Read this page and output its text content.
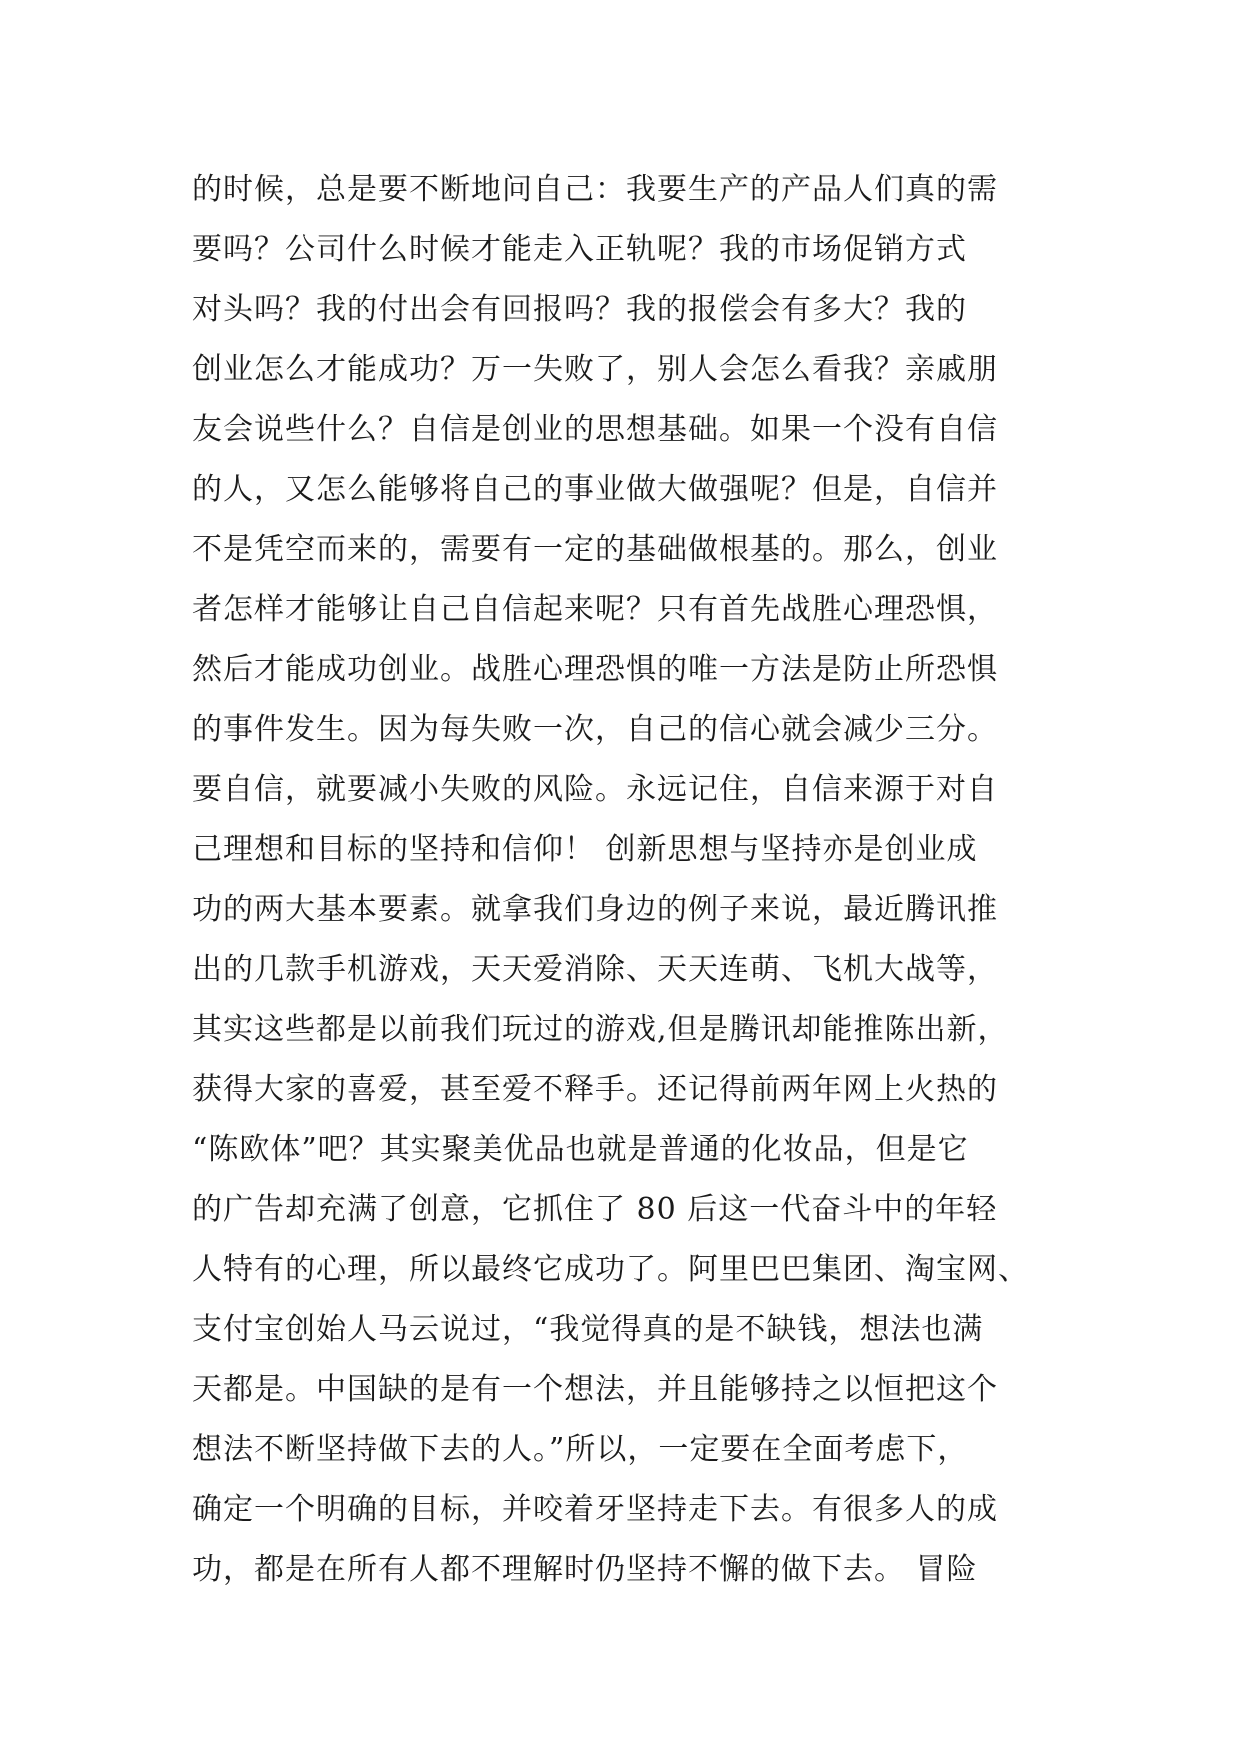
的时候，总是要不断地问自己：我要生产的产品人们真的需
要吗？公司什么时候才能走入正轨呢？我的市场促销方式
对头吗？我的付出会有回报吗？我的报偿会有多大？我的
创业怎么才能成功？万一失败了，别人会怎么看我？亲戚朋
友会说些什么？自信是创业的思想基础。如果一个没有自信
的人，又怎么能够将自己的事业做大做强呢？但是，自信并
不是凭空而来的，需要有一定的基础做根基的。那么，创业
者怎样才能够让自己自信起来呢？只有首先战胜心理恐惧，
然后才能成功创业。战胜心理恐惧的唯一方法是防止所恐惧
的事件发生。因为每失败一次，自己的信心就会减少三分。
要自信，就要减小失败的风险。永远记住，自信来源于对自
己理想和目标的坚持和信仰！ 创新思想与坚持亦是创业成
功的两大基本要素。就拿我们身边的例子来说，最近腾讯推
出的几款手机游戏，天天爱消除、天天连萌、飞机大战等，
其实这些都是以前我们玩过的游戏,但是腾讯却能推陈出新，
获得大家的喜爱，甚至爱不释手。还记得前两年网上火热的
“陈欧体”吧？其实聚美优品也就是普通的化妆品，但是它
的广告却充满了创意，它抓住了 80 后这一代奋斗中的年轻
人特有的心理，所以最终它成功了。阿里巴巴集团、淘宝网、
支付宝创始人马云说过，“我觉得真的是不缺钱，想法也满
天都是。中国缺的是有一个想法，并且能够持之以恒把这个
想法不断坚持做下去的人。”所以，一定要在全面考虑下，
确定一个明确的目标，并咬着牙坚持走下去。有很多人的成
功，都是在所有人都不理解时仍坚持不懈的做下去。 冒险
